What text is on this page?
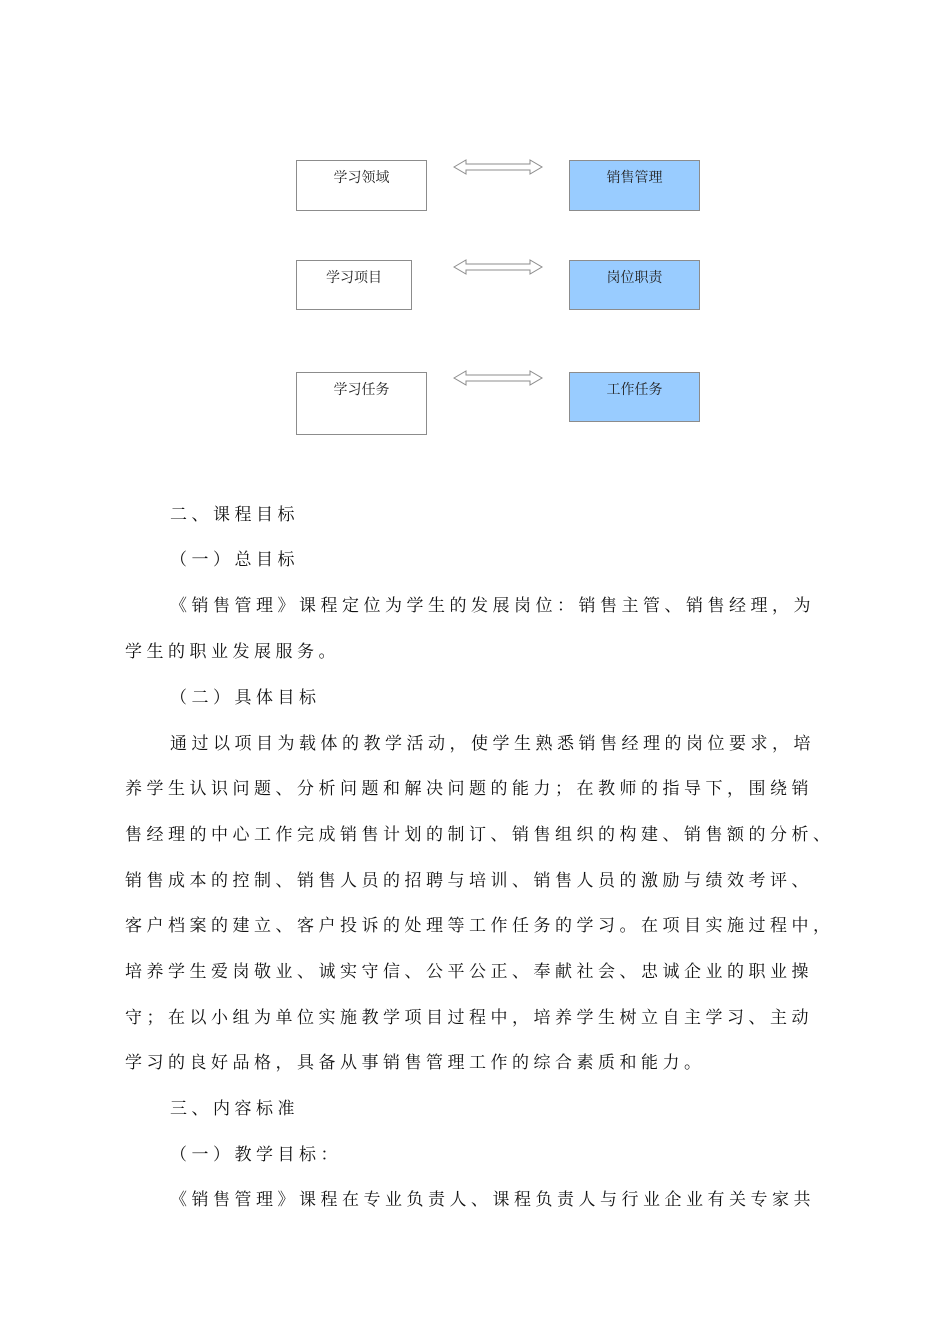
学习领域	销售管理
学习项目	岗位职责
学习任务	工作任务
二、课程目标
（一）总目标
《销售管理》课程定位为学生的发展岗位：销售主管、销售经理，为
学生的职业发展服务。
（二）具体目标
通过以项目为载体的教学活动，使学生熟悉销售经理的岗位要求，培
养学生认识问题、分析问题和解决问题的能力；在教师的指导下，围绕销
售经理的中心工作完成销售计划的制订、销售组织的构建、销售额的分析、
销售成本的控制、销售人员的招聘与培训、销售人员的激励与绩效考评、
客户档案的建立、客户投诉的处理等工作任务的学习。在项目实施过程中，
培养学生爱岗敬业、诚实守信、公平公正、奉献社会、忠诚企业的职业操
守；在以小组为单位实施教学项目过程中，培养学生树立自主学习、主动
学习的良好品格，具备从事销售管理工作的综合素质和能力。
三、内容标准
（一）教学目标：
《销售管理》课程在专业负责人、课程负责人与行业企业有关专家共
